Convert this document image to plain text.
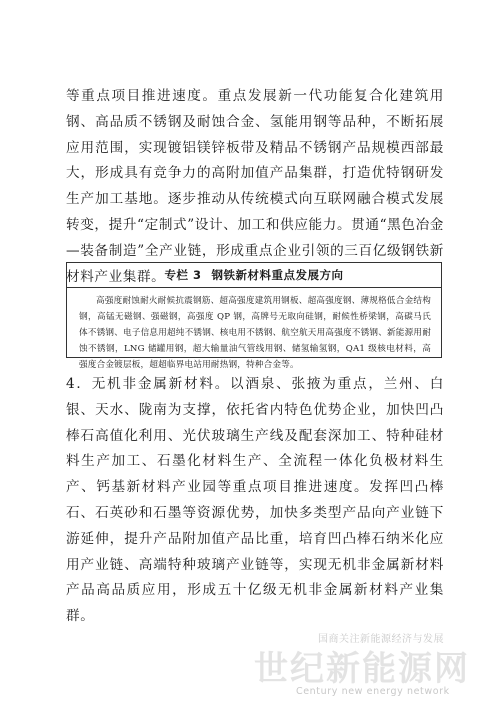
等重点项目推进速度。重点发展新一代功能复合化建筑用钢、高品质不锈钢及耐蚀合金、氢能用钢等品种，不断拓展应用范围，实现镀铝镁锌板带及精品不锈钢产品规模西部最大，形成具有竞争力的高附加值产品集群，打造优特钢研发生产加工基地。逐步推动从传统模式向互联网融合模式发展转变，提升“定制式”设计、加工和供应能力。贯通“黑色冶金—装备制造”全产业链，形成重点企业引领的三百亿级钢铁新材料产业集群。 专栏 3 钢铁新材料重点发展方向
高强度耐蚀耐火耐候抗震钢筋、超高强度建筑用钢板、超高强度钢、薄规格低合金结构钢，高锰无磁钢、强磁钢，高强度 QP 钢，高牌号无取向硅钢，耐候性桥梁钢，高碳马氏体不锈钢、电子信息用超纯不锈钢、核电用不锈钢、航空航天用高强度不锈钢、新能源用耐蚀不锈钢，LNG 储罐用钢，超大输量油气管线用钢、储氢输氢钢，QA1 级核电材料，高强度合金镀层板，超超临界电站用耐热钢，特种合金等。

4．无机非金属新材料。以酒泉、张掖为重点，兰州、白银、天水、陇南为支撑，依托省内特色优势企业，加快凹凸棒石高值化利用、光伏玻璃生产线及配套深加工、特种硅材料生产加工、石墨化材料生产、全流程一体化负极材料生产、钙基新材料产业园等重点项目推进速度。发挥凹凸棒石、石英砂和石墨等资源优势，加快多类型产品向产业链下游延伸，提升产品附加值产品比重，培育凹凸棒石纳米化应用产业链、高端特种玻璃产业链等，实现无机非金属新材料产品高品质应用，形成五十亿级无机非金属新材料产业集群。

国商关注新能源经济与发展
世纪新能源网
Century new energy network
